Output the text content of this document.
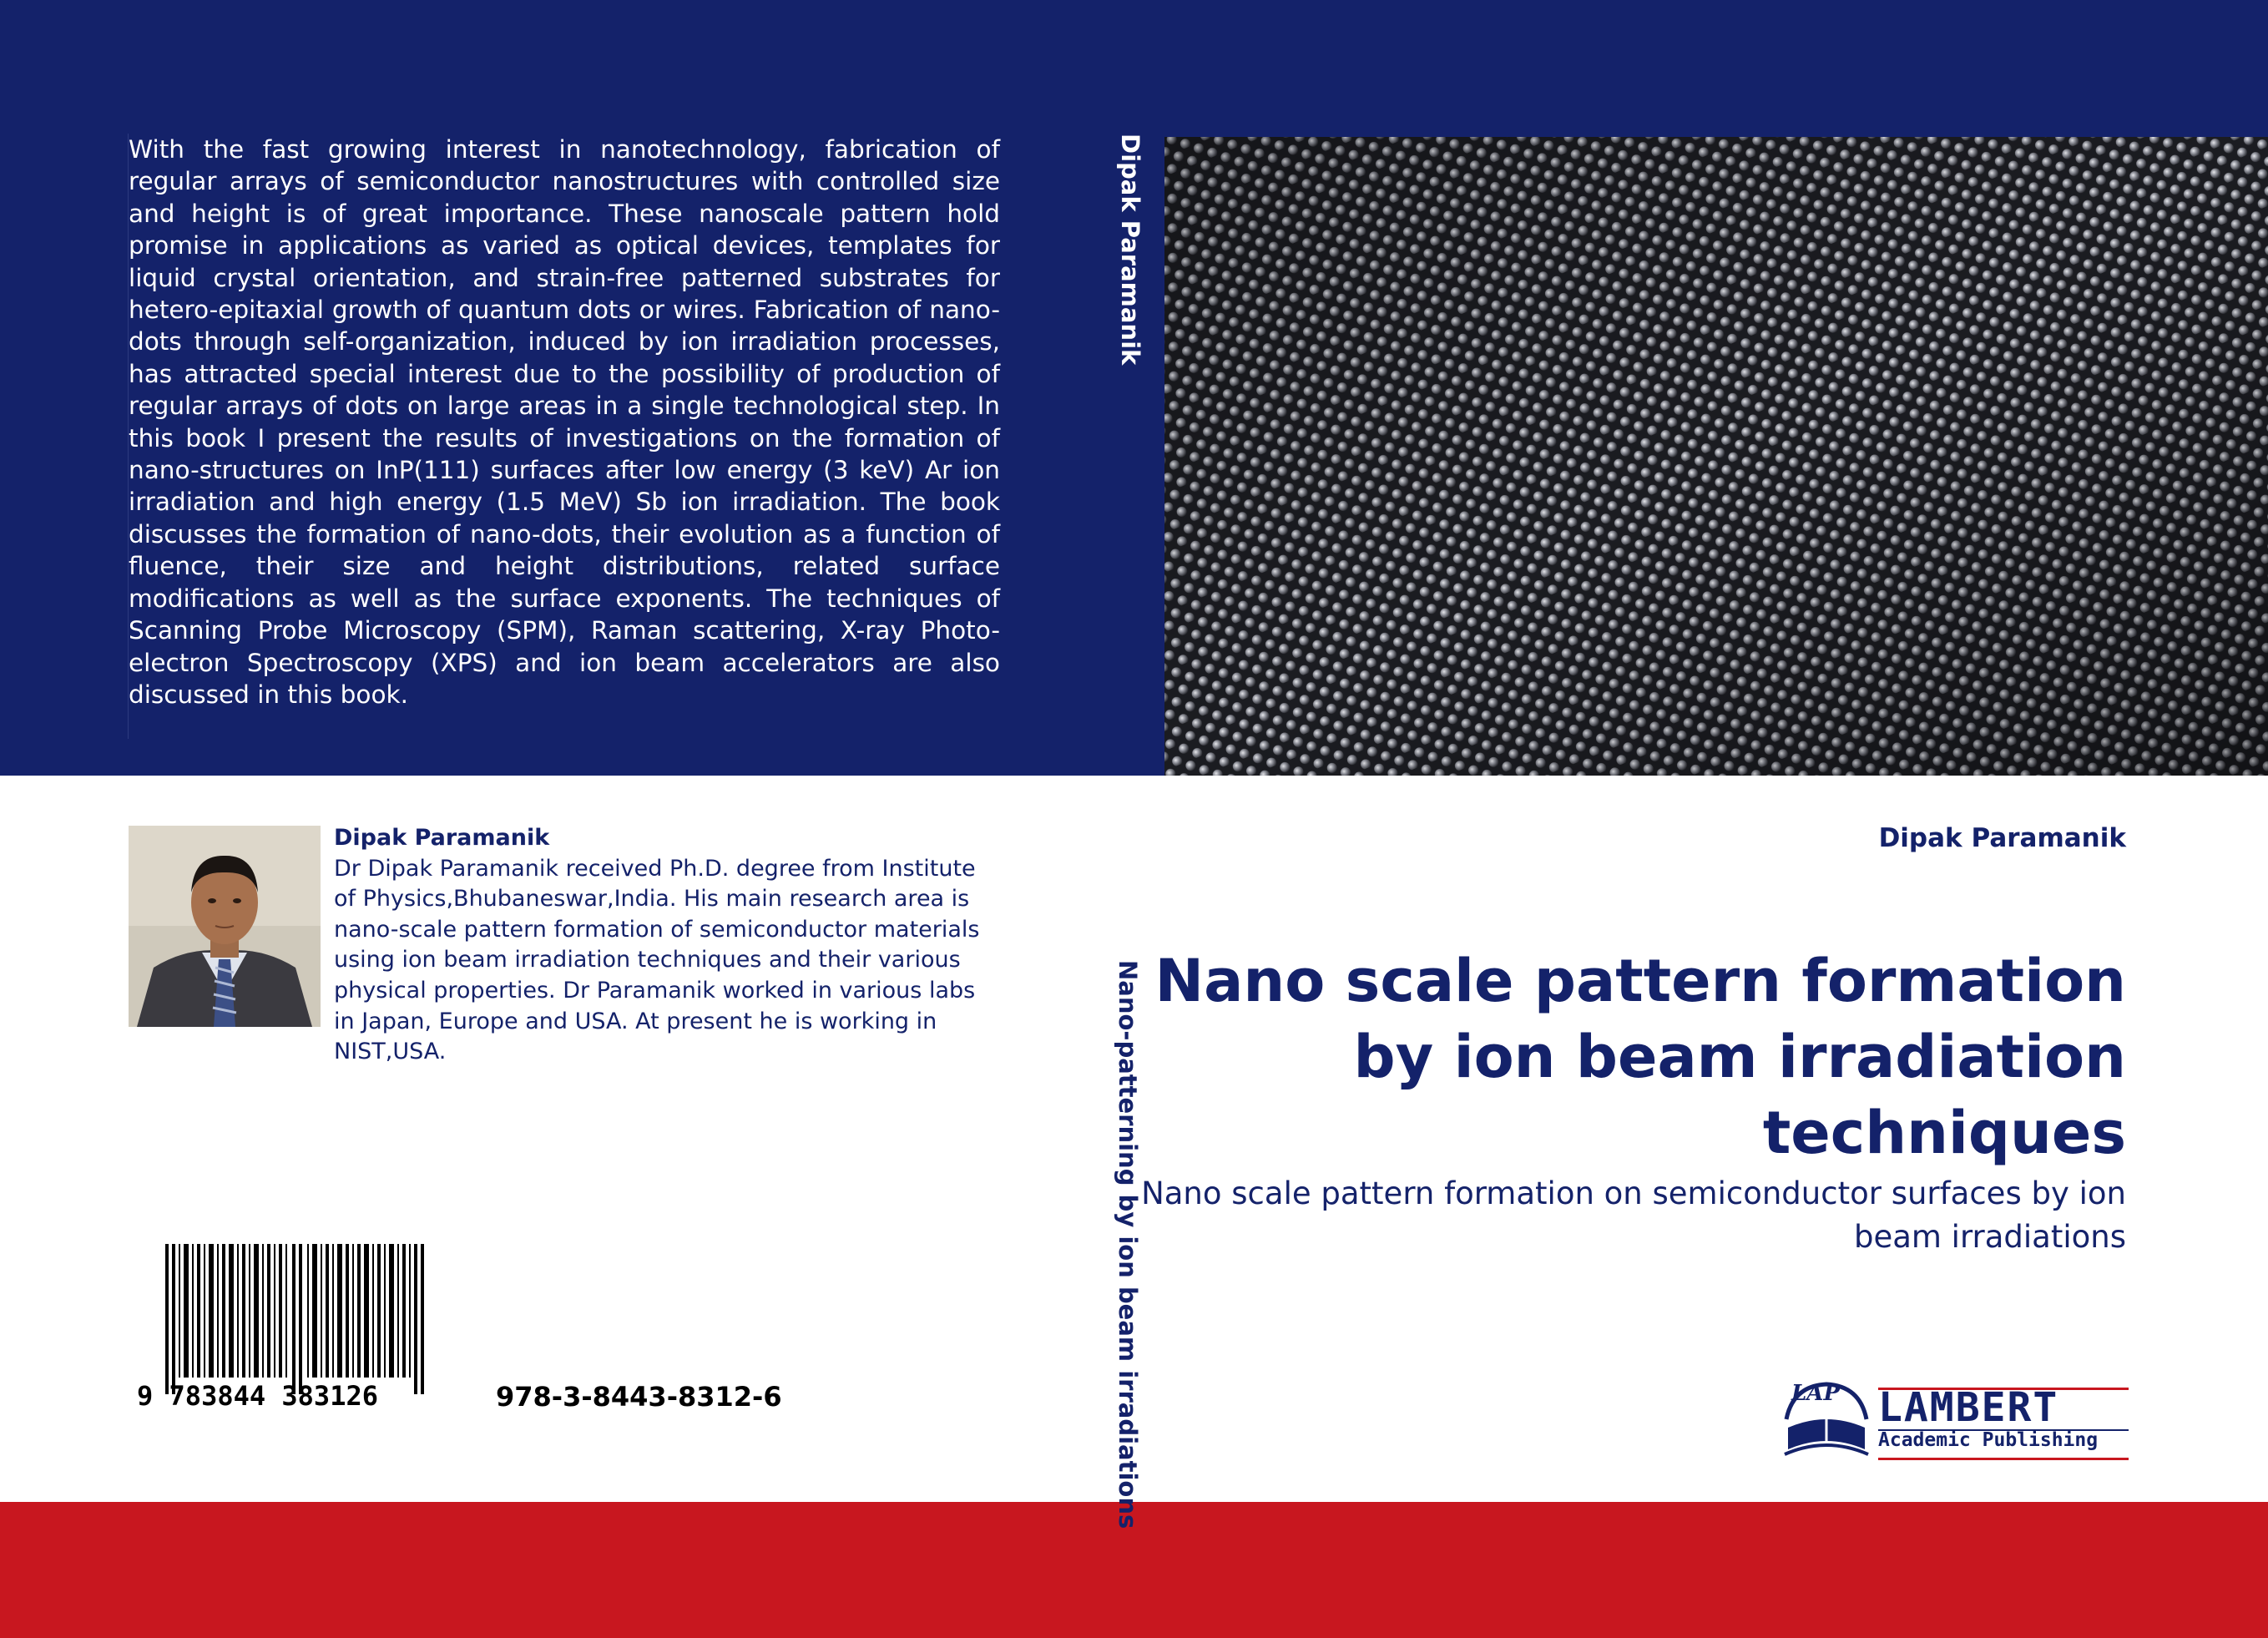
With the fast growing interest in nanotechnology, fabrication of regular arrays of semiconductor nanostructures with controlled size and height is of great importance. These nanoscale pattern hold promise in applications as varied as optical devices, templates for liquid crystal orientation, and strain-free patterned substrates for hetero-epitaxial growth of quantum dots or wires. Fabrication of nano-dots through self-organization, induced by ion irradiation processes, has attracted special interest due to the possibility of production of regular arrays of dots on large areas in a single technological step. In this book I present the results of investigations on the formation of nano-structures on InP(111) surfaces after low energy (3 keV) Ar ion irradiation and high energy (1.5 MeV) Sb ion irradiation. The book discusses the formation of nano-dots, their evolution as a function of fluence, their size and height distributions, related surface modifications as well as the surface exponents. The techniques of Scanning Probe Microscopy (SPM), Raman scattering, X-ray Photo-electron Spectroscopy (XPS) and ion beam accelerators are also discussed in this book.

Dipak Paramanik
Nano-patterning by ion beam irradiations
Dipak Paramanik
Dr Dipak Paramanik received Ph.D. degree from Institute of Physics,Bhubaneswar,India. His main research area is nano-scale pattern formation of semiconductor materials using ion beam irradiation techniques and their various physical properties. Dr Paramanik worked in various labs in Japan, Europe and USA. At present he is working in NIST,USA.
9 783844 383126	978-3-8443-8312-6
Dipak Paramanik
Nano scale pattern formation by ion beam irradiation techniques
Nano scale pattern formation on semiconductor surfaces by ion beam irradiations
LAP LAMBERT
Academic Publishing
